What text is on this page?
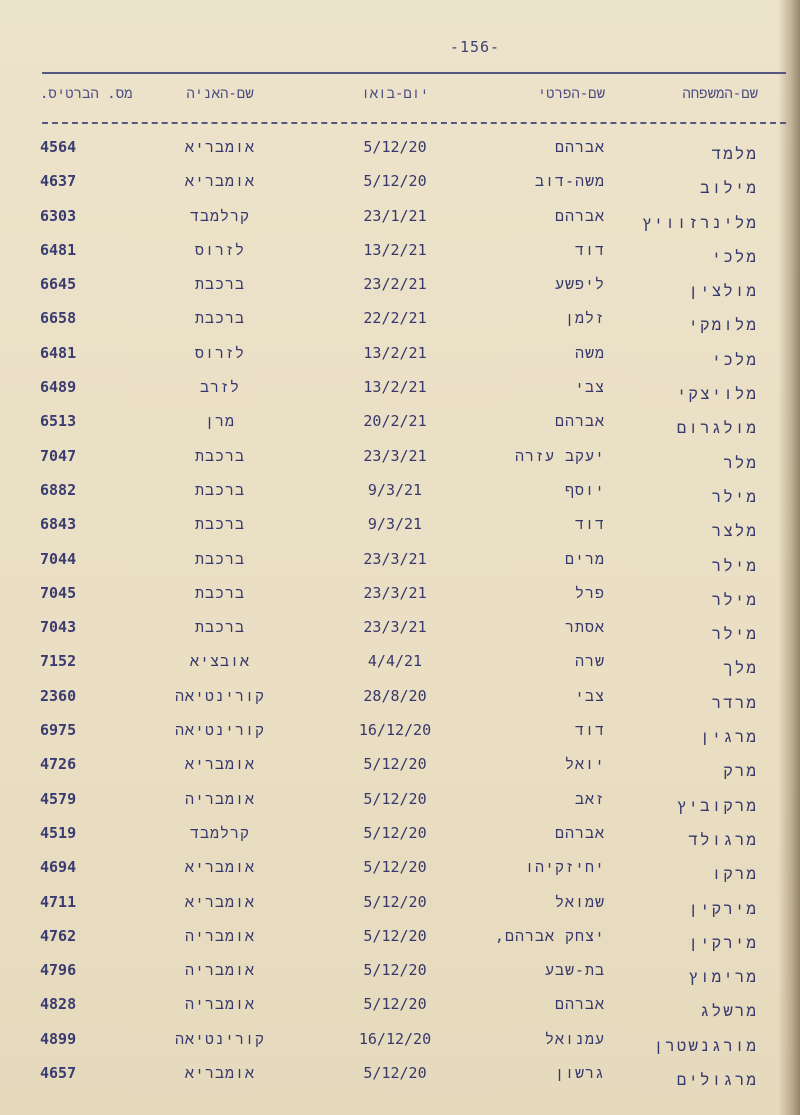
-156-
שם-המשפחה
שם-הפרטי
יום-בואו
שם-האניה
מס. הברטיס.
מלמד
אברהם
5/12/20
אומבריא
4564
מילוב
משה-דוב
5/12/20
אומבריא
4637
מלינרזוויץ
אברהם
23/1/21
קרלמבד
6303
מלכי
דוד
13/2/21
לזרוס
6481
מולצין
ליפשע
23/2/21
ברכבת
6645
מלומקי
זלמן
22/2/21
ברכבת
6658
מלכי
משה
13/2/21
לזרוס
6481
מלויצקי
צבי
13/2/21
לזרב
6489
מולגרום
אברהם
20/2/21
מרן
6513
מלר
יעקב עזרה
23/3/21
ברכבת
7047
מילר
יוסף
9/3/21
ברכבת
6882
מלצר
דוד
9/3/21
ברכבת
6843
מילר
מרים
23/3/21
ברכבת
7044
מילר
פרל
23/3/21
ברכבת
7045
מילר
אסתר
23/3/21
ברכבת
7043
מלך
שרה
4/4/21
אובציא
7152
מרדר
צבי
28/8/20
קורינטיאה
2360
מרגין
דוד
16/12/20
קורינטיאה
6975
מרק
יואל
5/12/20
אומבריא
4726
מרקוביץ
זאב
5/12/20
אומבריה
4579
מרגולד
אברהם
5/12/20
קרלמבד
4519
מרקו
יחיזקיהו
5/12/20
אומבריא
4694
מירקין
שמואל
5/12/20
אומבריא
4711
מירקין
יצחק אברהם,
5/12/20
אומבריה
4762
מרימוץ
בת-שבע
5/12/20
אומבריה
4796
מרשלג
אברהם
5/12/20
אומבריה
4828
מורגנשטרן
עמנואל
16/12/20
קורינטיאה
4899
מרגולים
גרשון
5/12/20
אומבריא
4657
